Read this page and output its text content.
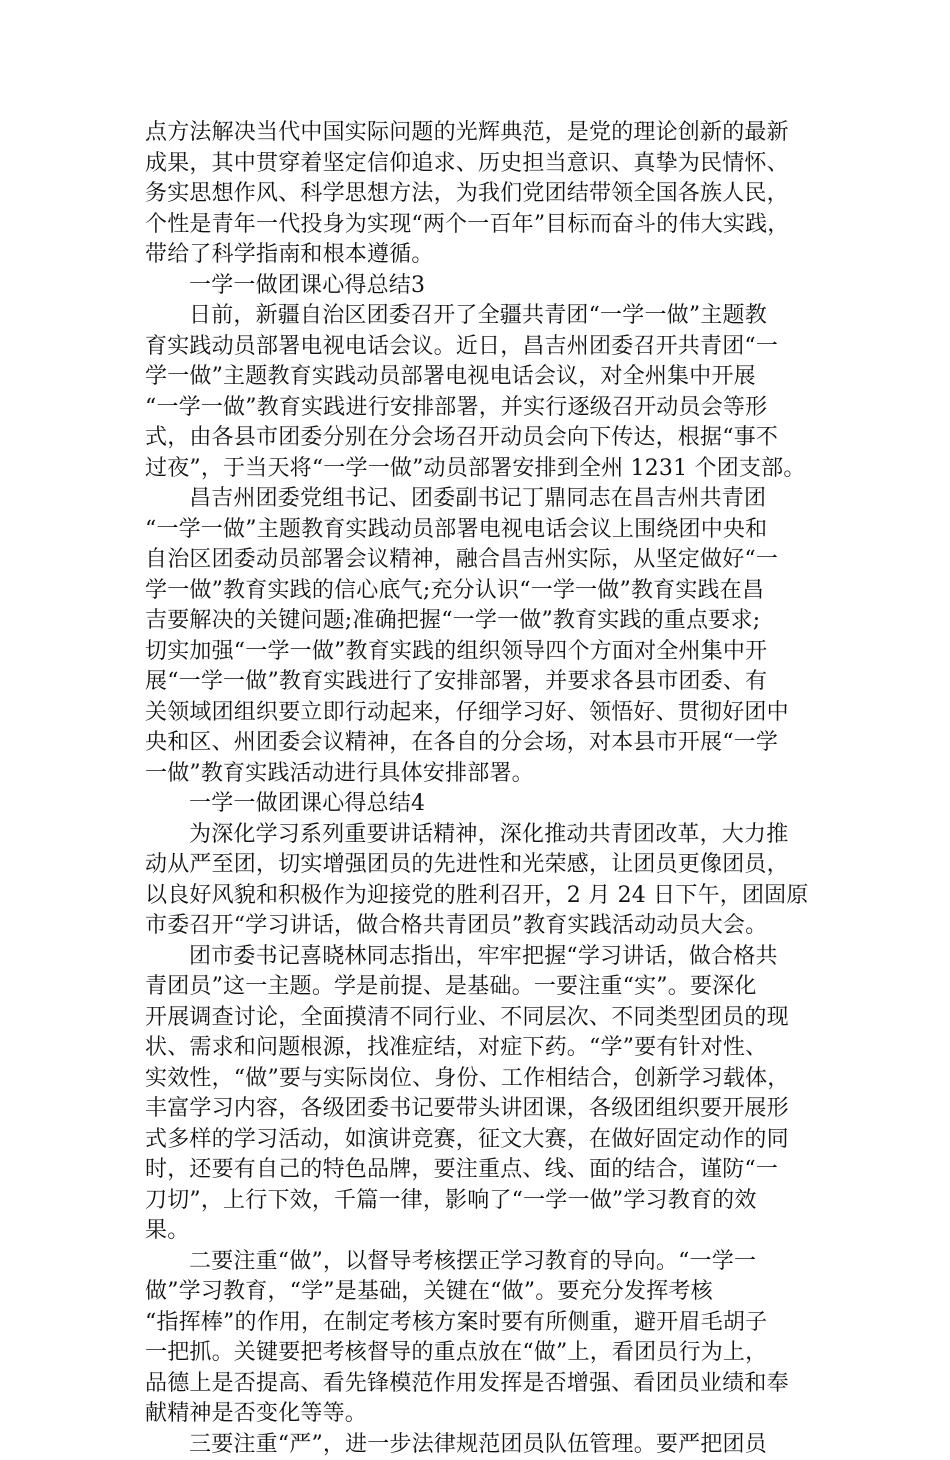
点方法解决当代中国实际问题的光辉典范，是党的理论创新的最新
成果，其中贯穿着坚定信仰追求、历史担当意识、真挚为民情怀、
务实思想作风、科学思想方法，为我们党团结带领全国各族人民，
个性是青年一代投身为实现“两个一百年”目标而奋斗的伟大实践，
带给了科学指南和根本遵循。
一学一做团课心得总结3
日前，新疆自治区团委召开了全疆共青团“一学一做”主题教
育实践动员部署电视电话会议。近日，昌吉州团委召开共青团“一
学一做”主题教育实践动员部署电视电话会议，对全州集中开展
“一学一做”教育实践进行安排部署，并实行逐级召开动员会等形
式，由各县市团委分别在分会场召开动员会向下传达，根据“事不
过夜”，于当天将“一学一做”动员部署安排到全州 1231 个团支部。
昌吉州团委党组书记、团委副书记丁鼎同志在昌吉州共青团
“一学一做”主题教育实践动员部署电视电话会议上围绕团中央和
自治区团委动员部署会议精神，融合昌吉州实际，从坚定做好“一
学一做”教育实践的信心底气;充分认识“一学一做”教育实践在昌
吉要解决的关键问题;准确把握“一学一做”教育实践的重点要求;
切实加强“一学一做”教育实践的组织领导四个方面对全州集中开
展“一学一做”教育实践进行了安排部署，并要求各县市团委、有
关领域团组织要立即行动起来，仔细学习好、领悟好、贯彻好团中
央和区、州团委会议精神，在各自的分会场，对本县市开展“一学
一做”教育实践活动进行具体安排部署。
一学一做团课心得总结4
为深化学习系列重要讲话精神，深化推动共青团改革，大力推
动从严至团，切实增强团员的先进性和光荣感，让团员更像团员，
以良好风貌和积极作为迎接党的胜利召开，2 月 24 日下午，团固原
市委召开“学习讲话，做合格共青团员”教育实践活动动员大会。
团市委书记喜晓林同志指出，牢牢把握“学习讲话，做合格共
青团员”这一主题。学是前提、是基础。一要注重“实”。要深化
开展调查讨论，全面摸清不同行业、不同层次、不同类型团员的现
状、需求和问题根源，找准症结，对症下药。“学”要有针对性、
实效性，“做”要与实际岗位、身份、工作相结合，创新学习载体，
丰富学习内容，各级团委书记要带头讲团课，各级团组织要开展形
式多样的学习活动，如演讲竞赛，征文大赛，在做好固定动作的同
时，还要有自己的特色品牌，要注重点、线、面的结合，谨防“一
刀切”，上行下效，千篇一律，影响了“一学一做”学习教育的效
果。
二要注重“做”，以督导考核摆正学习教育的导向。“一学一
做”学习教育，“学”是基础，关键在“做”。要充分发挥考核
“指挥棒”的作用，在制定考核方案时要有所侧重，避开眉毛胡子
一把抓。关键要把考核督导的重点放在“做”上，看团员行为上，
品德上是否提高、看先锋模范作用发挥是否增强、看团员业绩和奉
献精神是否变化等等。
三要注重“严”，进一步法律规范团员队伍管理。要严把团员
